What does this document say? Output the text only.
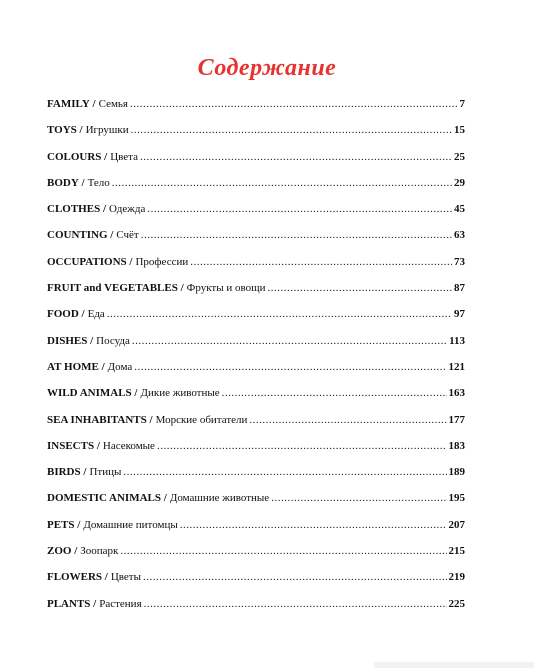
Содержание
FAMILY / Семья .....	7
TOYS / Игрушки .....	15
COLOURS / Цвета .....	25
BODY / Тело .....	29
CLOTHES / Одежда .....	45
COUNTING / Счёт .....	63
OCCUPATIONS / Профессии .....	73
FRUIT and VEGETABLES / Фрукты и овощи .....	87
FOOD / Еда .....	97
DISHES / Посуда .....	113
AT HOME / Дома .....	121
WILD ANIMALS / Дикие животные .....	163
SEA INHABITANTS / Морские обитатели .....	177
INSECTS / Насекомые .....	183
BIRDS / Птицы .....	189
DOMESTIC ANIMALS / Домашние животные .....	195
PETS / Домашние питомцы .....	207
ZOO / Зоопарк .....	215
FLOWERS / Цветы .....	219
PLANTS / Растения .....	225
